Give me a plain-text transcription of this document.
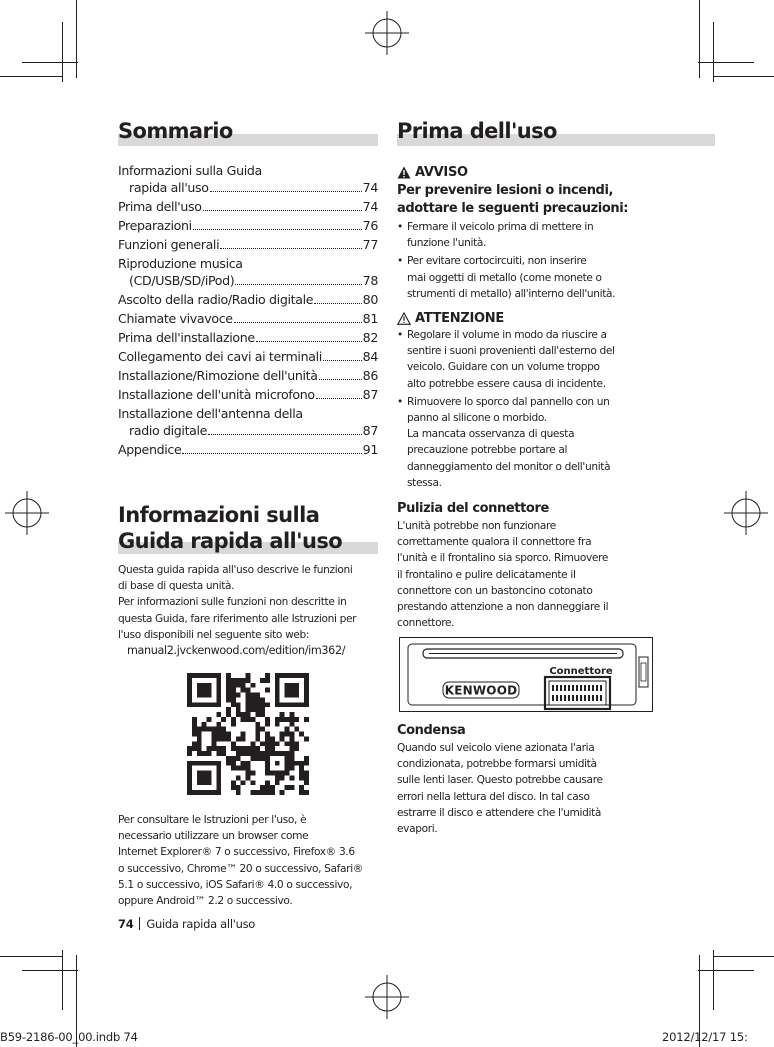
Sommario
Informazioni sulla Guida
rapida all'uso	74
Prima dell'uso	74
Preparazioni	76
Funzioni generali	77
Riproduzione musica
(CD/USB/SD/iPod)	78
Ascolto della radio/Radio digitale	80
Chiamate vivavoce	81
Prima dell'installazione	82
Collegamento dei cavi ai terminali	84
Installazione/Rimozione dell'unità	86
Installazione dell'unità microfono	87
Installazione dell'antenna della
radio digitale	87
Appendice	91
Informazioni sulla
Guida rapida all'uso
Questa guida rapida all'uso descrive le funzioni
di base di questa unità.
Per informazioni sulle funzioni non descritte in
questa Guida, fare riferimento alle Istruzioni per
l'uso disponibili nel seguente sito web:
manual2.jvckenwood.com/edition/im362/
Per consultare le Istruzioni per l'uso, è
necessario utilizzare un browser come
Internet Explorer® 7 o successivo, Firefox® 3.6
o successivo, Chrome™ 20 o successivo, Safari®
5.1 o successivo, iOS Safari® 4.0 o successivo,
oppure Android™ 2.2 o successivo.
74 Guida rapida all'uso
Prima dell'uso
AVVISO
Per prevenire lesioni o incendi,
adottare le seguenti precauzioni:
• Fermare il veicolo prima di mettere in
funzione l'unità.
• Per evitare cortocircuiti, non inserire
mai oggetti di metallo (come monete o
strumenti di metallo) all'interno dell'unità.
ATTENZIONE
• Regolare il volume in modo da riuscire a
sentire i suoni provenienti dall'esterno del
veicolo. Guidare con un volume troppo
alto potrebbe essere causa di incidente.
• Rimuovere lo sporco dal pannello con un
panno al silicone o morbido.
La mancata osservanza di questa
precauzione potrebbe portare al
danneggiamento del monitor o dell'unità
stessa.
Pulizia del connettore
L'unità potrebbe non funzionare
correttamente qualora il connettore fra
l'unità e il frontalino sia sporco. Rimuovere
il frontalino e pulire delicatamente il
connettore con un bastoncino cotonato
prestando attenzione a non danneggiare il
connettore.
KENWOOD
Connettore
Condensa
Quando sul veicolo viene azionata l'aria
condizionata, potrebbe formarsi umidità
sulle lenti laser. Questo potrebbe causare
errori nella lettura del disco. In tal caso
estrarre il disco e attendere che l'umidità
evapori.
B59-2186-00_00.indb 74	2012/12/17 15:
